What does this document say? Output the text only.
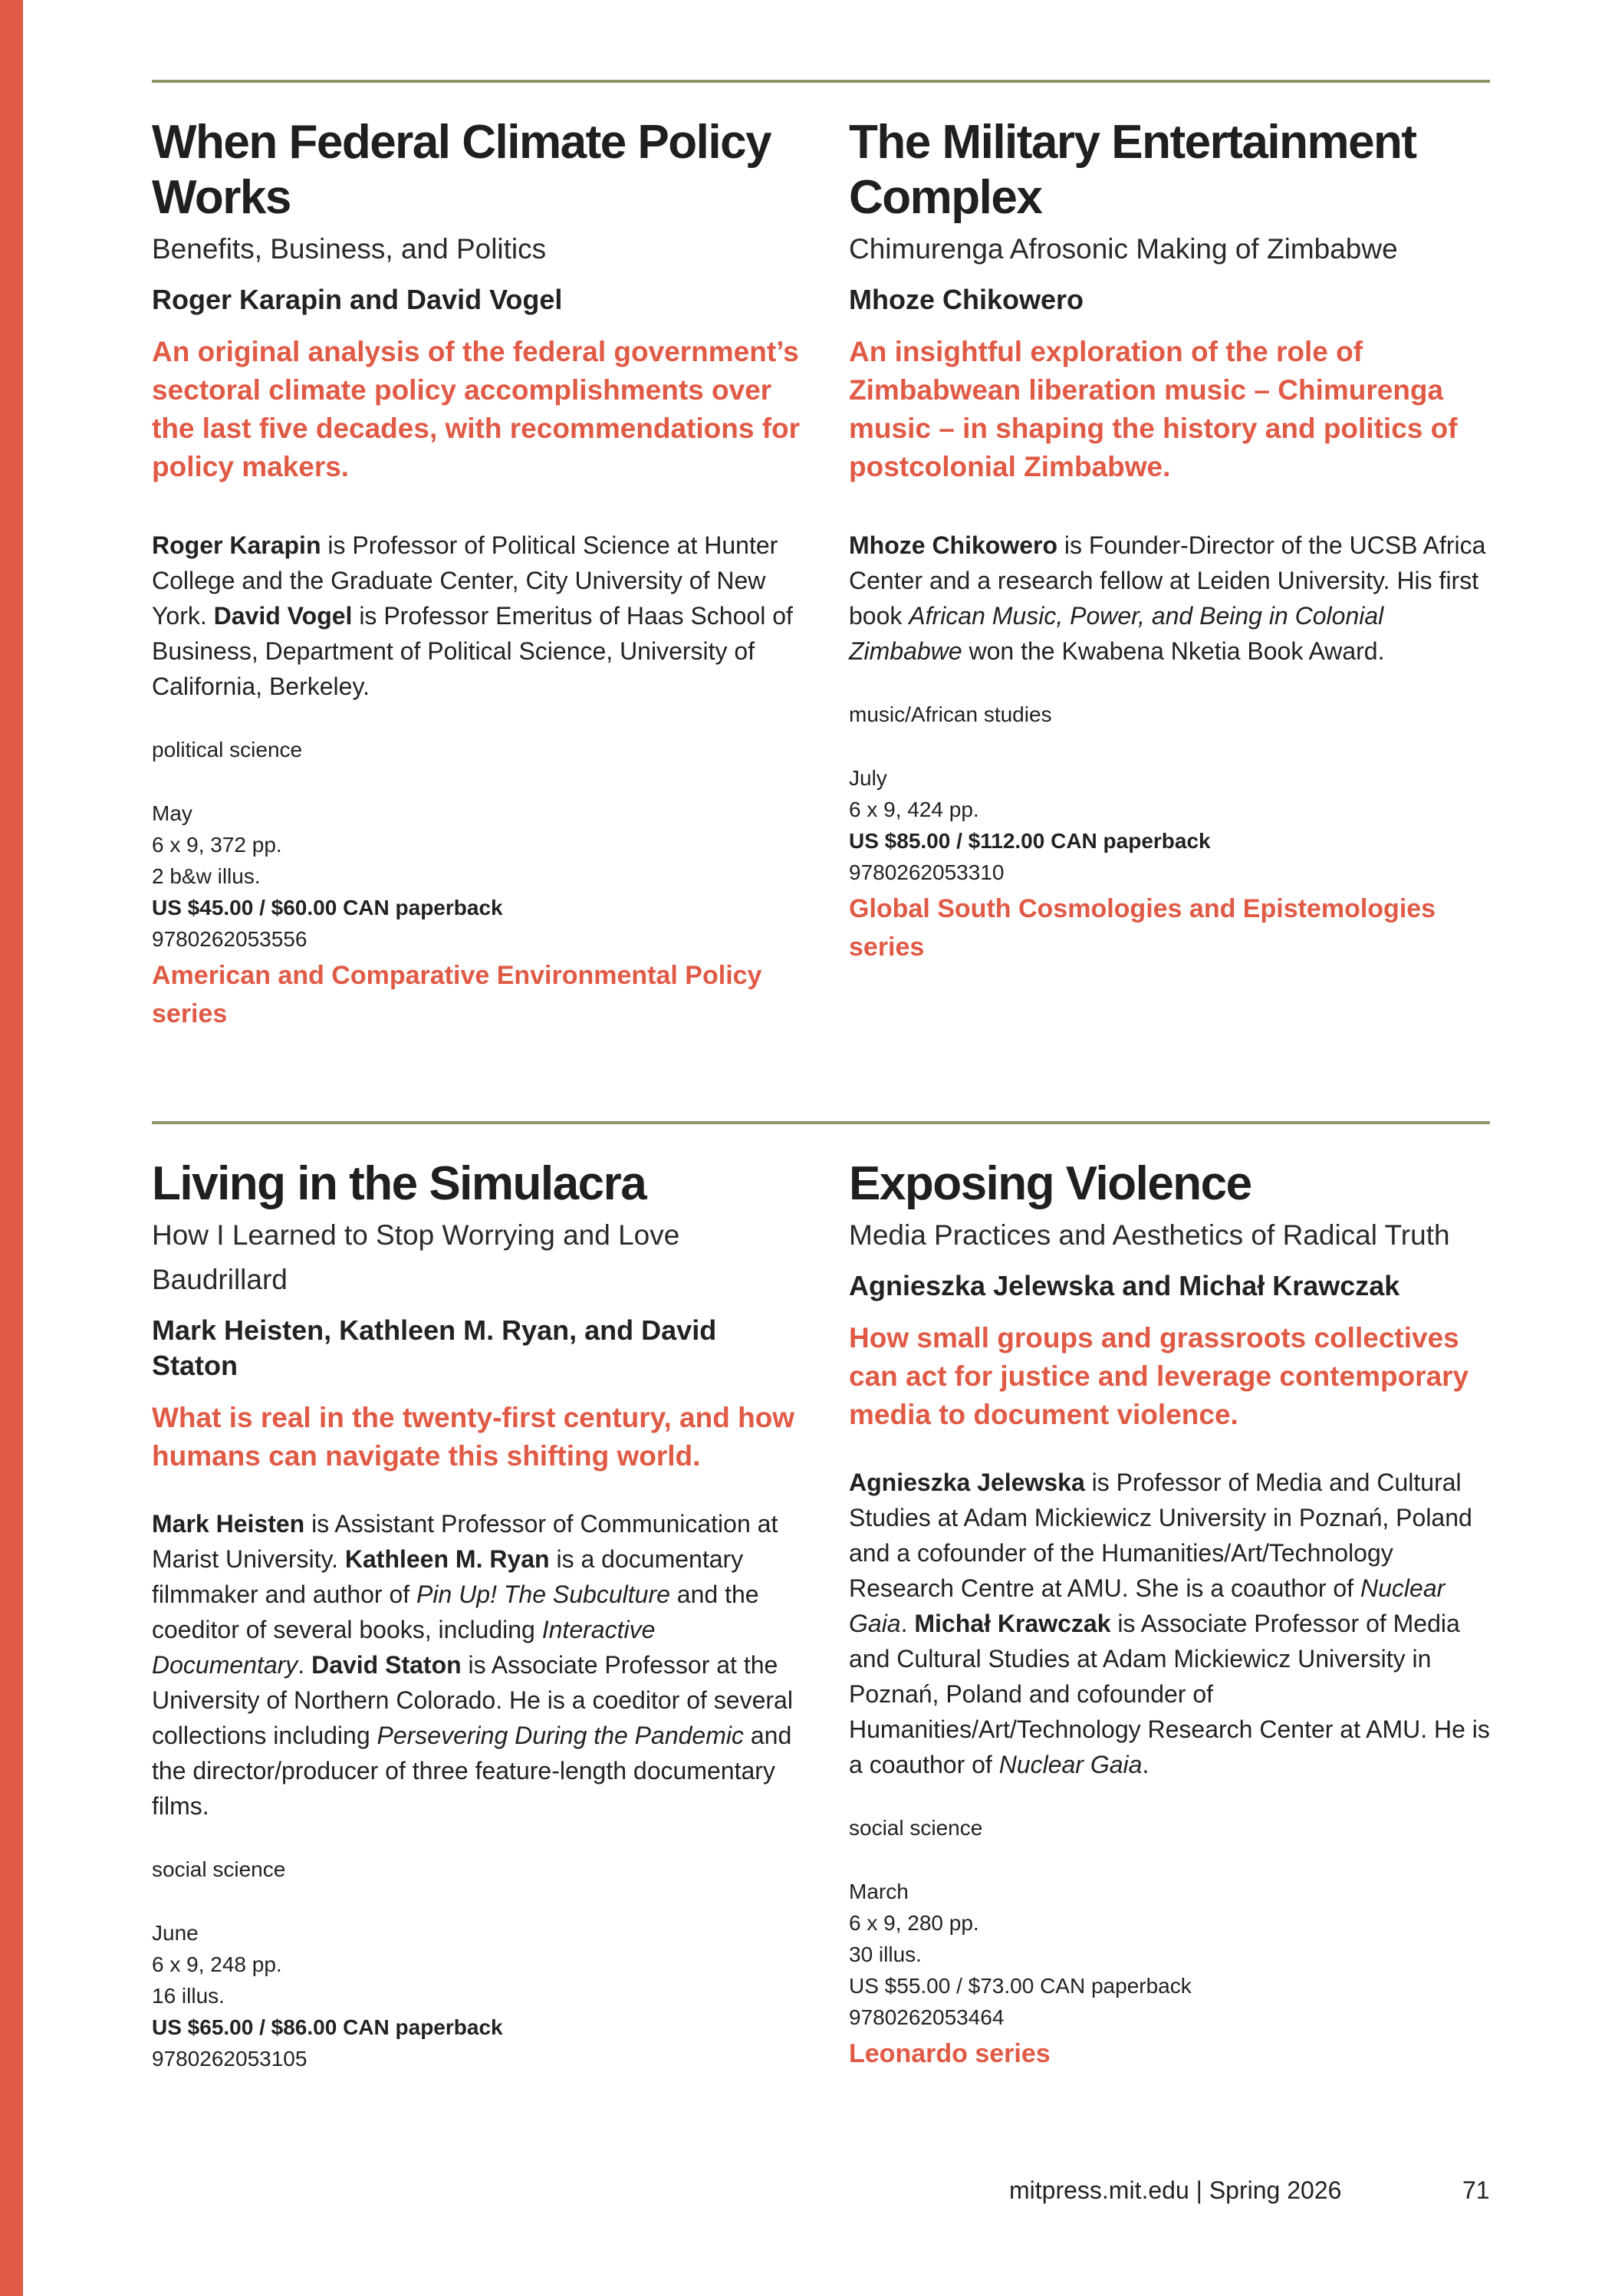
When Federal Climate Policy Works
Benefits, Business, and Politics
Roger Karapin and David Vogel
An original analysis of the federal government’s sectoral climate policy accomplishments over the last five decades, with recommendations for policy makers.
Roger Karapin is Professor of Political Science at Hunter College and the Graduate Center, City University of New York. David Vogel is Professor Emeritus of Haas School of Business, Department of Political Science, University of California, Berkeley.
political science
May
6 x 9, 372 pp.
2 b&w illus.
US $45.00 / $60.00 CAN paperback
9780262053556
American and Comparative Environmental Policy series
The Military Entertainment Complex
Chimurenga Afrosonic Making of Zimbabwe
Mhoze Chikowero
An insightful exploration of the role of Zimbabwean liberation music – Chimurenga music – in shaping the history and politics of postcolonial Zimbabwe.
Mhoze Chikowero is Founder-Director of the UCSB Africa Center and a research fellow at Leiden University. His first book African Music, Power, and Being in Colonial Zimbabwe won the Kwabena Nketia Book Award.
music/African studies
July
6 x 9, 424 pp.
US $85.00 / $112.00 CAN paperback
9780262053310
Global South Cosmologies and Epistemologies series
Living in the Simulacra
How I Learned to Stop Worrying and Love Baudrillard
Mark Heisten, Kathleen M. Ryan, and David Staton
What is real in the twenty-first century, and how humans can navigate this shifting world.
Mark Heisten is Assistant Professor of Communication at Marist University. Kathleen M. Ryan is a documentary filmmaker and author of Pin Up! The Subculture and the coeditor of several books, including Interactive Documentary. David Staton is Associate Professor at the University of Northern Colorado. He is a coeditor of several collections including Persevering During the Pandemic and the director/producer of three feature-length documentary films.
social science
June
6 x 9, 248 pp.
16 illus.
US $65.00 / $86.00 CAN paperback
9780262053105
Exposing Violence
Media Practices and Aesthetics of Radical Truth
Agnieszka Jelewska and Michał Krawczak
How small groups and grassroots collectives can act for justice and leverage contemporary media to document violence.
Agnieszka Jelewska is Professor of Media and Cultural Studies at Adam Mickiewicz University in Poznań, Poland and a cofounder of the Humanities/Art/Technology Research Centre at AMU. She is a coauthor of Nuclear Gaia. Michał Krawczak is Associate Professor of Media and Cultural Studies at Adam Mickiewicz University in Poznań, Poland and cofounder of Humanities/Art/Technology Research Center at AMU. He is a coauthor of Nuclear Gaia.
social science
March
6 x 9, 280 pp.
30 illus.
US $55.00 / $73.00 CAN paperback
9780262053464
Leonardo series
mitpress.mit.edu | Spring 2026	71
